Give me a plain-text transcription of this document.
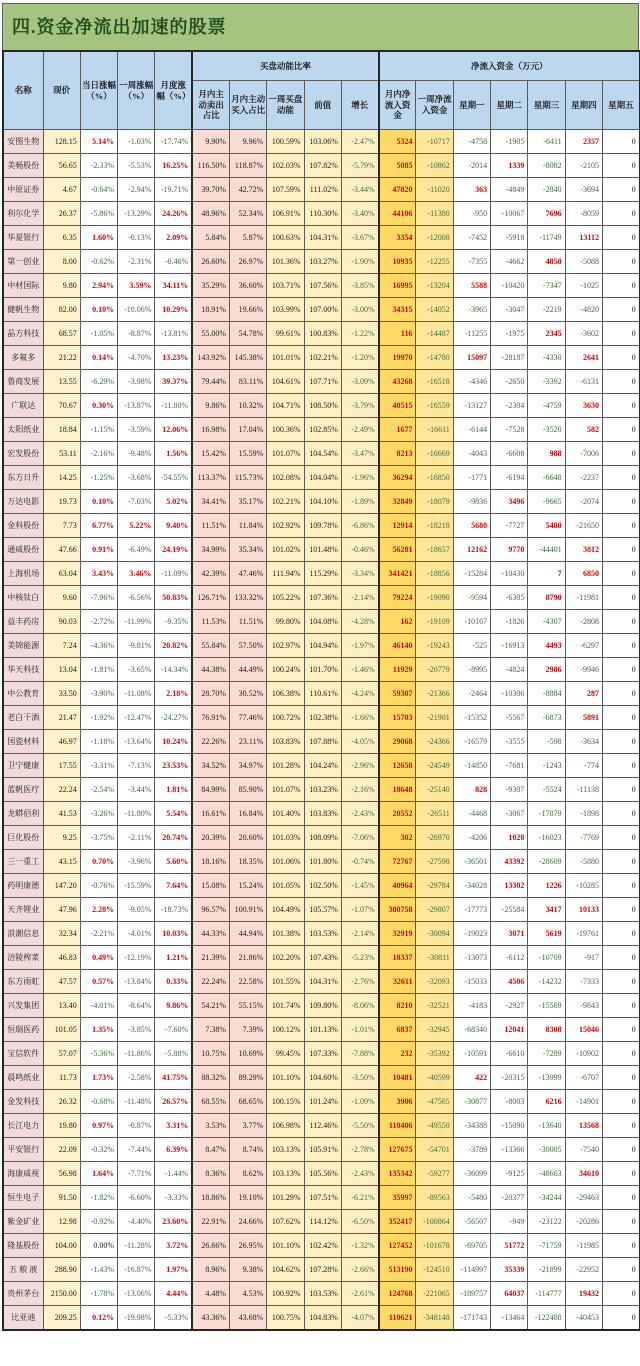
四.资金净流出加速的股票
名称	现价	当日涨幅（%）	一周涨幅（%）	月度涨幅（%）	买盘动能比率					净流入资金（万元）						
					月内主动卖出占比	月内主动买入占比	一周买盘动能	前值	增长	月内净流入资金	一周净流入资金	星期一	星期二	星期三	星期四	星期五
安图生物	128.15	5.14%	-1.03%	-17.74%	9.90%	9.96%	100.59%	103.06%	-2.47%	5324	-10717	-4758	-1905	-6411	2357	0
美畅股份	56.65	-2.33%	-5.53%	16.25%	116.50%	118.87%	102.03%	107.82%	-5.79%	5085	-10862	-2014	1339	-8082	-2105	0
中原证券	4.67	-0.64%	-2.94%	-19.71%	39.70%	42.72%	107.59%	111.02%	-3.44%	47820	-11020	363	-4849	-2840	-3694	0
利尔化学	26.37	-5.86%	-13.29%	24.26%	48.96%	52.34%	106.91%	110.30%	-3.40%	44106	-11380	-950	-10067	7696	-8059	0
华夏银行	6.35	1.60%	-0.13%	2.09%	5.84%	5.87%	100.63%	104.31%	-3.67%	3354	-12008	-7452	-5918	-11749	13112	0
第一创业	8.00	-0.62%	-2.31%	-0.46%	26.60%	26.97%	101.36%	103.27%	-1.90%	10935	-12255	-7355	-4662	4850	-5088	0
中材国际	9.80	2.94%	3.59%	34.11%	35.29%	36.60%	103.71%	107.56%	-3.85%	16995	-13204	5588	-10420	-7347	-1025	0
健帆生物	82.00	0.10%	-10.06%	10.29%	18.91%	19.66%	103.99%	107.00%	-3.00%	34315	-14052	-3965	-3047	-2219	-4820	0
晶方科技	68.57	-1.05%	-8.87%	-13.81%	55.00%	54.78%	99.61%	100.83%	-1.22%	116	-14487	-11255	-1975	2345	-3602	0
多氟多	21.22	0.14%	-4.70%	13.23%	143.92%	145.38%	101.01%	102.21%	-1.20%	19970	-14780	15097	-28187	-4330	2641	0
鲁商发展	13.55	-6.29%	-3.98%	39.37%	79.44%	83.11%	104.61%	107.71%	-3.09%	43268	-16518	-4346	-2650	-3392	-6131	0
广联达	70.67	0.30%	-13.87%	-11.80%	9.86%	10.32%	104.71%	108.50%	-3.79%	40515	-16559	-13127	-2304	-4759	3630	0
太阳纸业	18.84	-1.15%	-3.59%	12.06%	16.98%	17.04%	100.36%	102.85%	-2.49%	1677	-16611	-6144	-7528	-3520	582	0
宏发股份	53.11	-2.16%	-9.48%	1.56%	15.42%	15.59%	101.07%	104.54%	-3.47%	8213	-16669	-4043	-6608	988	-7006	0
东方日升	14.25	-1.25%	-3.68%	-54.55%	113.37%	115.73%	102.08%	104.04%	-1.96%	36294	-16850	-1771	-6194	-6648	-2237	0
万达电影	19.73	0.10%	-7.03%	5.02%	34.41%	35.17%	102.21%	104.10%	-1.89%	32849	-18079	-9836	3496	-9665	-2074	0
金科股份	7.73	6.77%	5.22%	9.40%	11.51%	11.84%	102.92%	109.78%	-6.86%	12914	-18218	5680	-7727	5480	-21650	0
通威股份	47.66	0.91%	-6.49%	24.19%	34.99%	35.34%	101.02%	101.48%	-0.46%	56281	-18657	12162	9770	-44401	3812	0
上海机场	63.04	3.43%	3.46%	-11.09%	42.39%	47.46%	111.94%	115.29%	-3.34%	341421	-18856	-15284	-10430	7	6850	0
中核钛白	9.60	-7.96%	-6.56%	50.83%	126.71%	133.32%	105.22%	107.36%	-2.14%	79224	-19090	-9594	-6305	8790	-11981	0
益丰药房	90.03	-2.72%	-11.99%	-9.35%	11.53%	11.51%	99.80%	104.08%	-4.28%	162	-19109	-10167	-1826	-4307	-2808	0
美锦能源	7.24	-4.36%	-9.81%	20.82%	55.84%	57.50%	102.97%	104.94%	-1.97%	46140	-19243	-525	-16913	4493	-6297	0
华天科技	13.04	-1.81%	-3.65%	-14.34%	44.38%	44.49%	100.24%	101.70%	-1.46%	11929	-20779	-8995	-4824	2986	-9946	0
中公教育	33.50	-3.90%	-11.08%	2.18%	28.70%	30.52%	106.38%	110.61%	-4.24%	59307	-21366	-2464	-10306	-8884	287	0
老白干酒	21.47	-1.92%	-12.47%	-24.27%	76.91%	77.46%	100.72%	102.38%	-1.66%	15703	-21901	-15352	-5567	-6873	5891	0
国瓷材料	46.97	-1.18%	-13.64%	10.24%	22.26%	23.11%	103.83%	107.88%	-4.05%	29068	-24366	-16579	-3555	-598	-3634	0
卫宁健康	17.55	-3.31%	-7.13%	23.53%	34.52%	34.97%	101.28%	104.24%	-2.96%	12658	-24549	-14850	-7681	-1243	-774	0
蓝帆医疗	22.24	-2.54%	-3.44%	1.81%	84.99%	85.90%	101.07%	103.23%	-2.16%	18648	-25140	828	-9307	-5524	-11138	0
龙蟒佰利	41.53	-3.26%	-11.80%	5.54%	16.61%	16.84%	101.40%	103.83%	-2.43%	20552	-26511	-4468	-3067	-17079	-1898	0
巨化股份	9.25	-3.75%	-2.11%	20.74%	20.39%	20.60%	101.03%	108.09%	-7.06%	302	-26970	-4206	1028	-16023	-7769	0
三一重工	43.15	0.70%	-3.96%	5.60%	18.16%	18.35%	101.06%	101.80%	-0.74%	72767	-27598	-36501	43392	-28609	-5880	0
药明康德	147.20	-0.76%	-15.59%	7.64%	15.08%	15.24%	101.05%	102.50%	-1.45%	40964	-29784	-34028	13302	1226	-10285	0
天齐锂业	47.96	2.28%	-9.05%	-18.73%	96.57%	100.91%	104.49%	105.57%	-1.07%	380758	-29807	-17773	-25584	3417	10133	0
浪潮信息	32.34	-2.21%	-4.01%	10.03%	44.33%	44.94%	101.38%	103.53%	-2.14%	32919	-30094	-19023	3071	5619	-19761	0
涪陵榨菜	46.83	0.49%	-12.19%	1.21%	21.39%	21.86%	102.20%	107.43%	-5.23%	18337	-30811	-13073	-6112	-10709	-917	0
东方雨虹	47.57	0.57%	-13.84%	0.33%	22.24%	22.58%	101.55%	104.31%	-2.76%	32611	-32093	-15033	4506	-14232	-7333	0
兴发集团	13.40	-4.01%	-8.64%	9.86%	54.21%	55.15%	101.74%	109.80%	-8.06%	8210	-32521	-4183	-2927	-15569	-9843	0
恒瑞医药	101.05	1.35%	-3.85%	-7.60%	7.38%	7.39%	100.12%	101.13%	-1.01%	6837	-32945	-68340	12041	8308	15046	0
宝信软件	57.07	-5.36%	-11.86%	-5.88%	10.75%	10.69%	99.45%	107.33%	-7.88%	232	-35392	-10591	-6610	-7289	-10902	0
晨鸣纸业	11.73	1.73%	-2.58%	41.75%	88.32%	89.29%	101.10%	104.60%	-3.50%	10481	-40599	422	-20315	-13999	-6707	0
金发科技	26.32	-0.68%	-11.48%	26.57%	68.55%	68.65%	100.15%	101.24%	-1.09%	3906	-47565	-30877	-8003	6216	-14901	0
长江电力	19.80	0.97%	-0.87%	3.31%	3.53%	3.77%	106.98%	112.46%	-5.50%	110406	-49550	-34388	-15090	-13640	13568	0
平安银行	22.09	-0.32%	-7.44%	6.39%	8.47%	8.74%	103.13%	105.91%	-2.78%	127675	-54701	-3789	-13366	-30005	-7540	0
海康威视	56.98	1.64%	-7.71%	-1.44%	8.36%	8.62%	103.13%	105.56%	-2.43%	135342	-59277	-36099	-9125	-48663	34610	0
恒生电子	91.50	-1.82%	-6.60%	-3.33%	18.86%	19.10%	101.29%	107.51%	-6.21%	35997	-89563	-5480	-20377	-34244	-29463	0
紫金矿业	12.98	-0.92%	-4.40%	23.60%	22.91%	24.66%	107.62%	114.12%	-6.50%	352417	-100864	-56507	-949	-23122	-20286	0
隆基股份	104.00	0.00%	-11.28%	3.72%	26.66%	26.95%	101.10%	102.42%	-1.32%	127452	-101678	-69705	51772	-71759	-11985	0
五 粮 液	288.90	-1.43%	-16.87%	1.97%	8.96%	9.38%	104.62%	107.28%	-2.66%	513190	-124510	-114997	35339	-21899	-22952	0
贵州茅台	2150.00	-1.78%	-13.06%	4.44%	4.48%	4.53%	100.92%	103.53%	-2.61%	124768	-221065	-189757	64037	-114777	19432	0
比亚迪	209.25	0.12%	-19.98%	-5.33%	43.36%	43.68%	100.75%	104.83%	-4.07%	110621	-348148	-171743	-13464	-122488	-40453	0
